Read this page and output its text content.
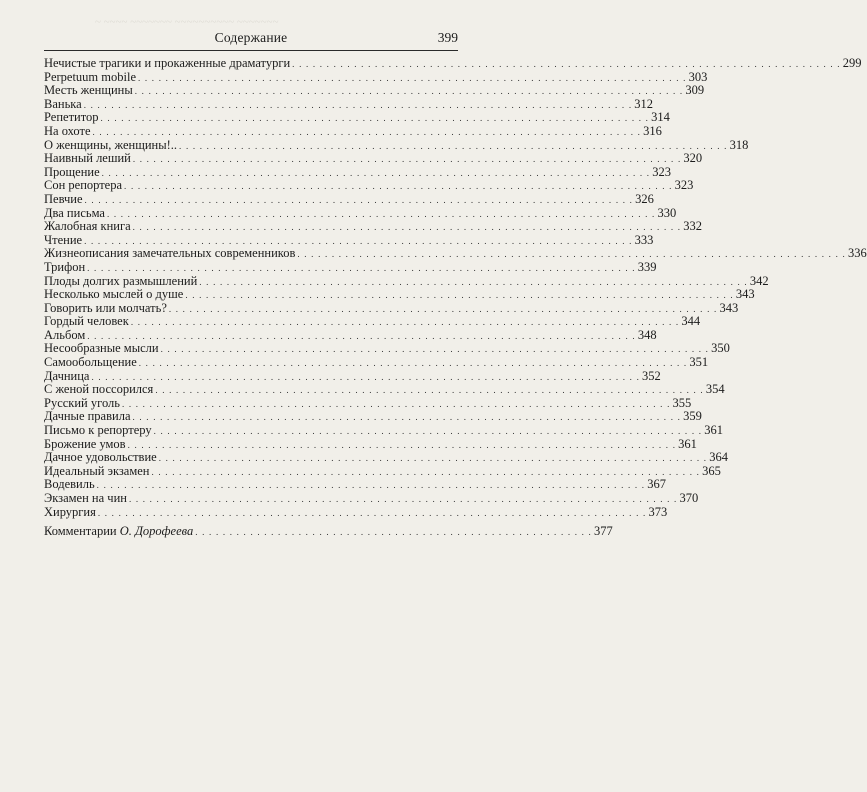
~ ~~~~ ~~~~~~~ ~~~~~~~~~~ ~~~~~~~
Содержание	399
Нечистые трагики и прокаженные драматурги . . . . . . . . . . . . . . . . . . . . . . . . . . . . . . . . . . . . . . . . . . . . . . . . . . . . . . . . . . . . . . . . . . . . . . . . . . . . . . . . 299
Perpetuum mobile . . . . . . . . . . . . . . . . . . . . . . . . . . . . . . . . . . . . . . . . . . . . . . . . . . . . . . . . . . . . . . . . . . . . . . . . . . . . . . . . 303
Месть женщины . . . . . . . . . . . . . . . . . . . . . . . . . . . . . . . . . . . . . . . . . . . . . . . . . . . . . . . . . . . . . . . . . . . . . . . . . . . . . . . . 309
Ванька . . . . . . . . . . . . . . . . . . . . . . . . . . . . . . . . . . . . . . . . . . . . . . . . . . . . . . . . . . . . . . . . . . . . . . . . . . . . . . . . 312
Репетитор . . . . . . . . . . . . . . . . . . . . . . . . . . . . . . . . . . . . . . . . . . . . . . . . . . . . . . . . . . . . . . . . . . . . . . . . . . . . . . . . 314
На охоте . . . . . . . . . . . . . . . . . . . . . . . . . . . . . . . . . . . . . . . . . . . . . . . . . . . . . . . . . . . . . . . . . . . . . . . . . . . . . . . . 316
О женщины, женщины!.. . . . . . . . . . . . . . . . . . . . . . . . . . . . . . . . . . . . . . . . . . . . . . . . . . . . . . . . . . . . . . . . . . . . . . . . . . . . . . . . . 318
Наивный леший . . . . . . . . . . . . . . . . . . . . . . . . . . . . . . . . . . . . . . . . . . . . . . . . . . . . . . . . . . . . . . . . . . . . . . . . . . . . . . . . 320
Прощение . . . . . . . . . . . . . . . . . . . . . . . . . . . . . . . . . . . . . . . . . . . . . . . . . . . . . . . . . . . . . . . . . . . . . . . . . . . . . . . . 323
Сон репортера . . . . . . . . . . . . . . . . . . . . . . . . . . . . . . . . . . . . . . . . . . . . . . . . . . . . . . . . . . . . . . . . . . . . . . . . . . . . . . . . 323
Певчие . . . . . . . . . . . . . . . . . . . . . . . . . . . . . . . . . . . . . . . . . . . . . . . . . . . . . . . . . . . . . . . . . . . . . . . . . . . . . . . . 326
Два письма . . . . . . . . . . . . . . . . . . . . . . . . . . . . . . . . . . . . . . . . . . . . . . . . . . . . . . . . . . . . . . . . . . . . . . . . . . . . . . . . 330
Жалобная книга . . . . . . . . . . . . . . . . . . . . . . . . . . . . . . . . . . . . . . . . . . . . . . . . . . . . . . . . . . . . . . . . . . . . . . . . . . . . . . . . 332
Чтение . . . . . . . . . . . . . . . . . . . . . . . . . . . . . . . . . . . . . . . . . . . . . . . . . . . . . . . . . . . . . . . . . . . . . . . . . . . . . . . . 333
Жизнеописания замечательных современников . . . . . . . . . . . . . . . . . . . . . . . . . . . . . . . . . . . . . . . . . . . . . . . . . . . . . . . . . . . . . . . . . . . . . . . . . . . . . . . . 336
Трифон . . . . . . . . . . . . . . . . . . . . . . . . . . . . . . . . . . . . . . . . . . . . . . . . . . . . . . . . . . . . . . . . . . . . . . . . . . . . . . . . 339
Плоды долгих размышлений . . . . . . . . . . . . . . . . . . . . . . . . . . . . . . . . . . . . . . . . . . . . . . . . . . . . . . . . . . . . . . . . . . . . . . . . . . . . . . . . 342
Несколько мыслей о душе . . . . . . . . . . . . . . . . . . . . . . . . . . . . . . . . . . . . . . . . . . . . . . . . . . . . . . . . . . . . . . . . . . . . . . . . . . . . . . . . 343
Говорить или молчать? . . . . . . . . . . . . . . . . . . . . . . . . . . . . . . . . . . . . . . . . . . . . . . . . . . . . . . . . . . . . . . . . . . . . . . . . . . . . . . . . 343
Гордый человек . . . . . . . . . . . . . . . . . . . . . . . . . . . . . . . . . . . . . . . . . . . . . . . . . . . . . . . . . . . . . . . . . . . . . . . . . . . . . . . . 344
Альбом . . . . . . . . . . . . . . . . . . . . . . . . . . . . . . . . . . . . . . . . . . . . . . . . . . . . . . . . . . . . . . . . . . . . . . . . . . . . . . . . 348
Несообразные мысли . . . . . . . . . . . . . . . . . . . . . . . . . . . . . . . . . . . . . . . . . . . . . . . . . . . . . . . . . . . . . . . . . . . . . . . . . . . . . . . . 350
Самообольщение . . . . . . . . . . . . . . . . . . . . . . . . . . . . . . . . . . . . . . . . . . . . . . . . . . . . . . . . . . . . . . . . . . . . . . . . . . . . . . . . 351
Дачница . . . . . . . . . . . . . . . . . . . . . . . . . . . . . . . . . . . . . . . . . . . . . . . . . . . . . . . . . . . . . . . . . . . . . . . . . . . . . . . . 352
С женой поссорился . . . . . . . . . . . . . . . . . . . . . . . . . . . . . . . . . . . . . . . . . . . . . . . . . . . . . . . . . . . . . . . . . . . . . . . . . . . . . . . . 354
Русский уголь . . . . . . . . . . . . . . . . . . . . . . . . . . . . . . . . . . . . . . . . . . . . . . . . . . . . . . . . . . . . . . . . . . . . . . . . . . . . . . . . 355
Дачные правила . . . . . . . . . . . . . . . . . . . . . . . . . . . . . . . . . . . . . . . . . . . . . . . . . . . . . . . . . . . . . . . . . . . . . . . . . . . . . . . . 359
Письмо к репортеру . . . . . . . . . . . . . . . . . . . . . . . . . . . . . . . . . . . . . . . . . . . . . . . . . . . . . . . . . . . . . . . . . . . . . . . . . . . . . . . . 361
Брожение умов . . . . . . . . . . . . . . . . . . . . . . . . . . . . . . . . . . . . . . . . . . . . . . . . . . . . . . . . . . . . . . . . . . . . . . . . . . . . . . . . 361
Дачное удовольствие . . . . . . . . . . . . . . . . . . . . . . . . . . . . . . . . . . . . . . . . . . . . . . . . . . . . . . . . . . . . . . . . . . . . . . . . . . . . . . . . 364
Идеальный экзамен . . . . . . . . . . . . . . . . . . . . . . . . . . . . . . . . . . . . . . . . . . . . . . . . . . . . . . . . . . . . . . . . . . . . . . . . . . . . . . . . 365
Водевиль . . . . . . . . . . . . . . . . . . . . . . . . . . . . . . . . . . . . . . . . . . . . . . . . . . . . . . . . . . . . . . . . . . . . . . . . . . . . . . . . 367
Экзамен на чин . . . . . . . . . . . . . . . . . . . . . . . . . . . . . . . . . . . . . . . . . . . . . . . . . . . . . . . . . . . . . . . . . . . . . . . . . . . . . . . . 370
Хирургия . . . . . . . . . . . . . . . . . . . . . . . . . . . . . . . . . . . . . . . . . . . . . . . . . . . . . . . . . . . . . . . . . . . . . . . . . . . . . . . . 373
Комментарии О. Дорофеева . . . . . . . . . . . . . . . . . . . . . . . . . . . . . . . . . . . . . . . . . . . . . . . . . . . . . . . . . . 377
